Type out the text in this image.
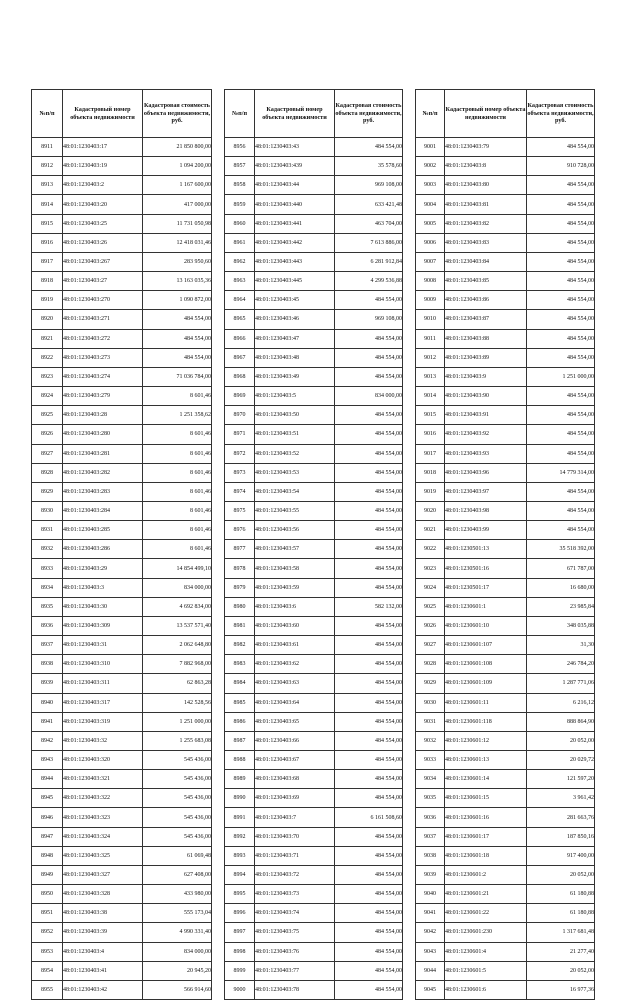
№п/п	Кадастровый номер объекта недвижимости	Кадастровая стоимость объекта недвижимости, руб.
8911	48:01:1230403:17	21 850 800,00
8912	48:01:1230403:19	1 094 200,00
8913	48:01:1230403:2	1 167 600,00
8914	48:01:1230403:20	417 000,00
8915	48:01:1230403:25	11 731 050,98
8916	48:01:1230403:26	12 418 031,46
8917	48:01:1230403:267	283 950,60
8918	48:01:1230403:27	13 163 035,36
8919	48:01:1230403:270	1 090 872,00
8920	48:01:1230403:271	484 554,00
8921	48:01:1230403:272	484 554,00
8922	48:01:1230403:273	484 554,00
8923	48:01:1230403:274	71 036 784,00
8924	48:01:1230403:279	8 601,46
8925	48:01:1230403:28	1 251 358,62
8926	48:01:1230403:280	8 601,46
8927	48:01:1230403:281	8 601,46
8928	48:01:1230403:282	8 601,46
8929	48:01:1230403:283	8 601,46
8930	48:01:1230403:284	8 601,46
8931	48:01:1230403:285	8 601,46
8932	48:01:1230403:286	8 601,46
8933	48:01:1230403:29	14 854 499,10
8934	48:01:1230403:3	834 000,00
8935	48:01:1230403:30	4 692 834,00
8936	48:01:1230403:309	13 537 571,40
8937	48:01:1230403:31	2 062 648,80
8938	48:01:1230403:310	7 882 968,00
8939	48:01:1230403:311	62 863,28
8940	48:01:1230403:317	142 528,56
8941	48:01:1230403:319	1 251 000,00
8942	48:01:1230403:32	1 255 683,08
8943	48:01:1230403:320	545 436,00
8944	48:01:1230403:321	545 436,00
8945	48:01:1230403:322	545 436,00
8946	48:01:1230403:323	545 436,00
8947	48:01:1230403:324	545 436,00
8948	48:01:1230403:325	61 069,48
8949	48:01:1230403:327	627 408,00
8950	48:01:1230403:328	433 980,00
8951	48:01:1230403:38	555 173,04
8952	48:01:1230403:39	4 990 331,40
8953	48:01:1230403:4	834 000,00
8954	48:01:1230403:41	20 945,20
8955	48:01:1230403:42	566 914,60
№п/п	Кадастровый номер объекта недвижимости	Кадастровая стоимость объекта недвижимости, руб.
8956	48:01:1230403:43	484 554,00
8957	48:01:1230403:439	35 578,60
8958	48:01:1230403:44	969 108,00
8959	48:01:1230403:440	633 421,48
8960	48:01:1230403:441	463 704,00
8961	48:01:1230403:442	7 613 886,00
8962	48:01:1230403:443	6 281 912,84
8963	48:01:1230403:445	4 299 536,88
8964	48:01:1230403:45	484 554,00
8965	48:01:1230403:46	969 108,00
8966	48:01:1230403:47	484 554,00
8967	48:01:1230403:48	484 554,00
8968	48:01:1230403:49	484 554,00
8969	48:01:1230403:5	834 000,00
8970	48:01:1230403:50	484 554,00
8971	48:01:1230403:51	484 554,00
8972	48:01:1230403:52	484 554,00
8973	48:01:1230403:53	484 554,00
8974	48:01:1230403:54	484 554,00
8975	48:01:1230403:55	484 554,00
8976	48:01:1230403:56	484 554,00
8977	48:01:1230403:57	484 554,00
8978	48:01:1230403:58	484 554,00
8979	48:01:1230403:59	484 554,00
8980	48:01:1230403:6	582 132,00
8981	48:01:1230403:60	484 554,00
8982	48:01:1230403:61	484 554,00
8983	48:01:1230403:62	484 554,00
8984	48:01:1230403:63	484 554,00
8985	48:01:1230403:64	484 554,00
8986	48:01:1230403:65	484 554,00
8987	48:01:1230403:66	484 554,00
8988	48:01:1230403:67	484 554,00
8989	48:01:1230403:68	484 554,00
8990	48:01:1230403:69	484 554,00
8991	48:01:1230403:7	6 161 508,60
8992	48:01:1230403:70	484 554,00
8993	48:01:1230403:71	484 554,00
8994	48:01:1230403:72	484 554,00
8995	48:01:1230403:73	484 554,00
8996	48:01:1230403:74	484 554,00
8997	48:01:1230403:75	484 554,00
8998	48:01:1230403:76	484 554,00
8999	48:01:1230403:77	484 554,00
9000	48:01:1230403:78	484 554,00
№п/п	Кадастровый номер объекта недвижимости	Кадастровая стоимость объекта недвижимости, руб.
9001	48:01:1230403:79	484 554,00
9002	48:01:1230403:8	910 728,00
9003	48:01:1230403:80	484 554,00
9004	48:01:1230403:81	484 554,00
9005	48:01:1230403:82	484 554,00
9006	48:01:1230403:83	484 554,00
9007	48:01:1230403:84	484 554,00
9008	48:01:1230403:85	484 554,00
9009	48:01:1230403:86	484 554,00
9010	48:01:1230403:87	484 554,00
9011	48:01:1230403:88	484 554,00
9012	48:01:1230403:89	484 554,00
9013	48:01:1230403:9	1 251 000,00
9014	48:01:1230403:90	484 554,00
9015	48:01:1230403:91	484 554,00
9016	48:01:1230403:92	484 554,00
9017	48:01:1230403:93	484 554,00
9018	48:01:1230403:96	14 779 314,00
9019	48:01:1230403:97	484 554,00
9020	48:01:1230403:98	484 554,00
9021	48:01:1230403:99	484 554,00
9022	48:01:1230501:13	35 518 392,00
9023	48:01:1230501:16	671 787,00
9024	48:01:1230501:17	16 680,00
9025	48:01:1230601:1	23 985,84
9026	48:01:1230601:10	348 035,88
9027	48:01:1230601:107	31,30
9028	48:01:1230601:108	246 784,20
9029	48:01:1230601:109	1 287 771,06
9030	48:01:1230601:11	6 216,12
9031	48:01:1230601:118	888 864,90
9032	48:01:1230601:12	20 052,00
9033	48:01:1230601:13	20 029,72
9034	48:01:1230601:14	121 597,20
9035	48:01:1230601:15	3 961,42
9036	48:01:1230601:16	281 663,76
9037	48:01:1230601:17	187 850,16
9038	48:01:1230601:18	917 400,00
9039	48:01:1230601:2	20 052,00
9040	48:01:1230601:21	61 180,88
9041	48:01:1230601:22	61 180,88
9042	48:01:1230601:230	1 317 681,48
9043	48:01:1230601:4	21 277,40
9044	48:01:1230601:5	20 052,00
9045	48:01:1230601:6	16 977,36
